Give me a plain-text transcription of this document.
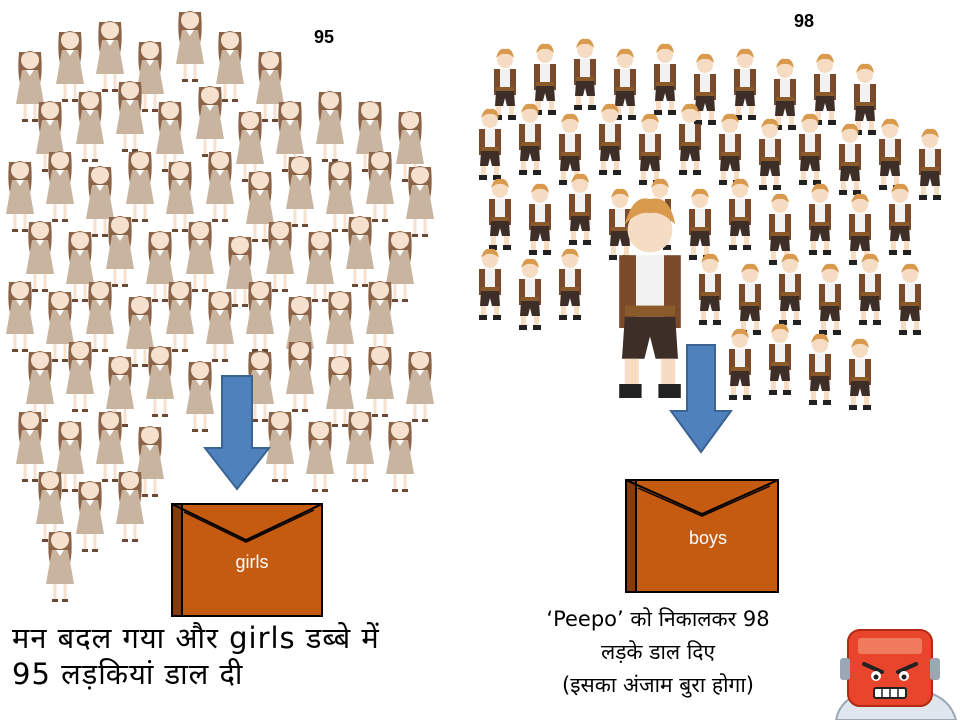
95
98
girls
boys
मन बदल गया और girls डब्बे में
95 लड़कियां डाल दी
‘Peepo’ को निकालकर 98
लड़के डाल दिए
(इसका अंजाम बुरा होगा)
